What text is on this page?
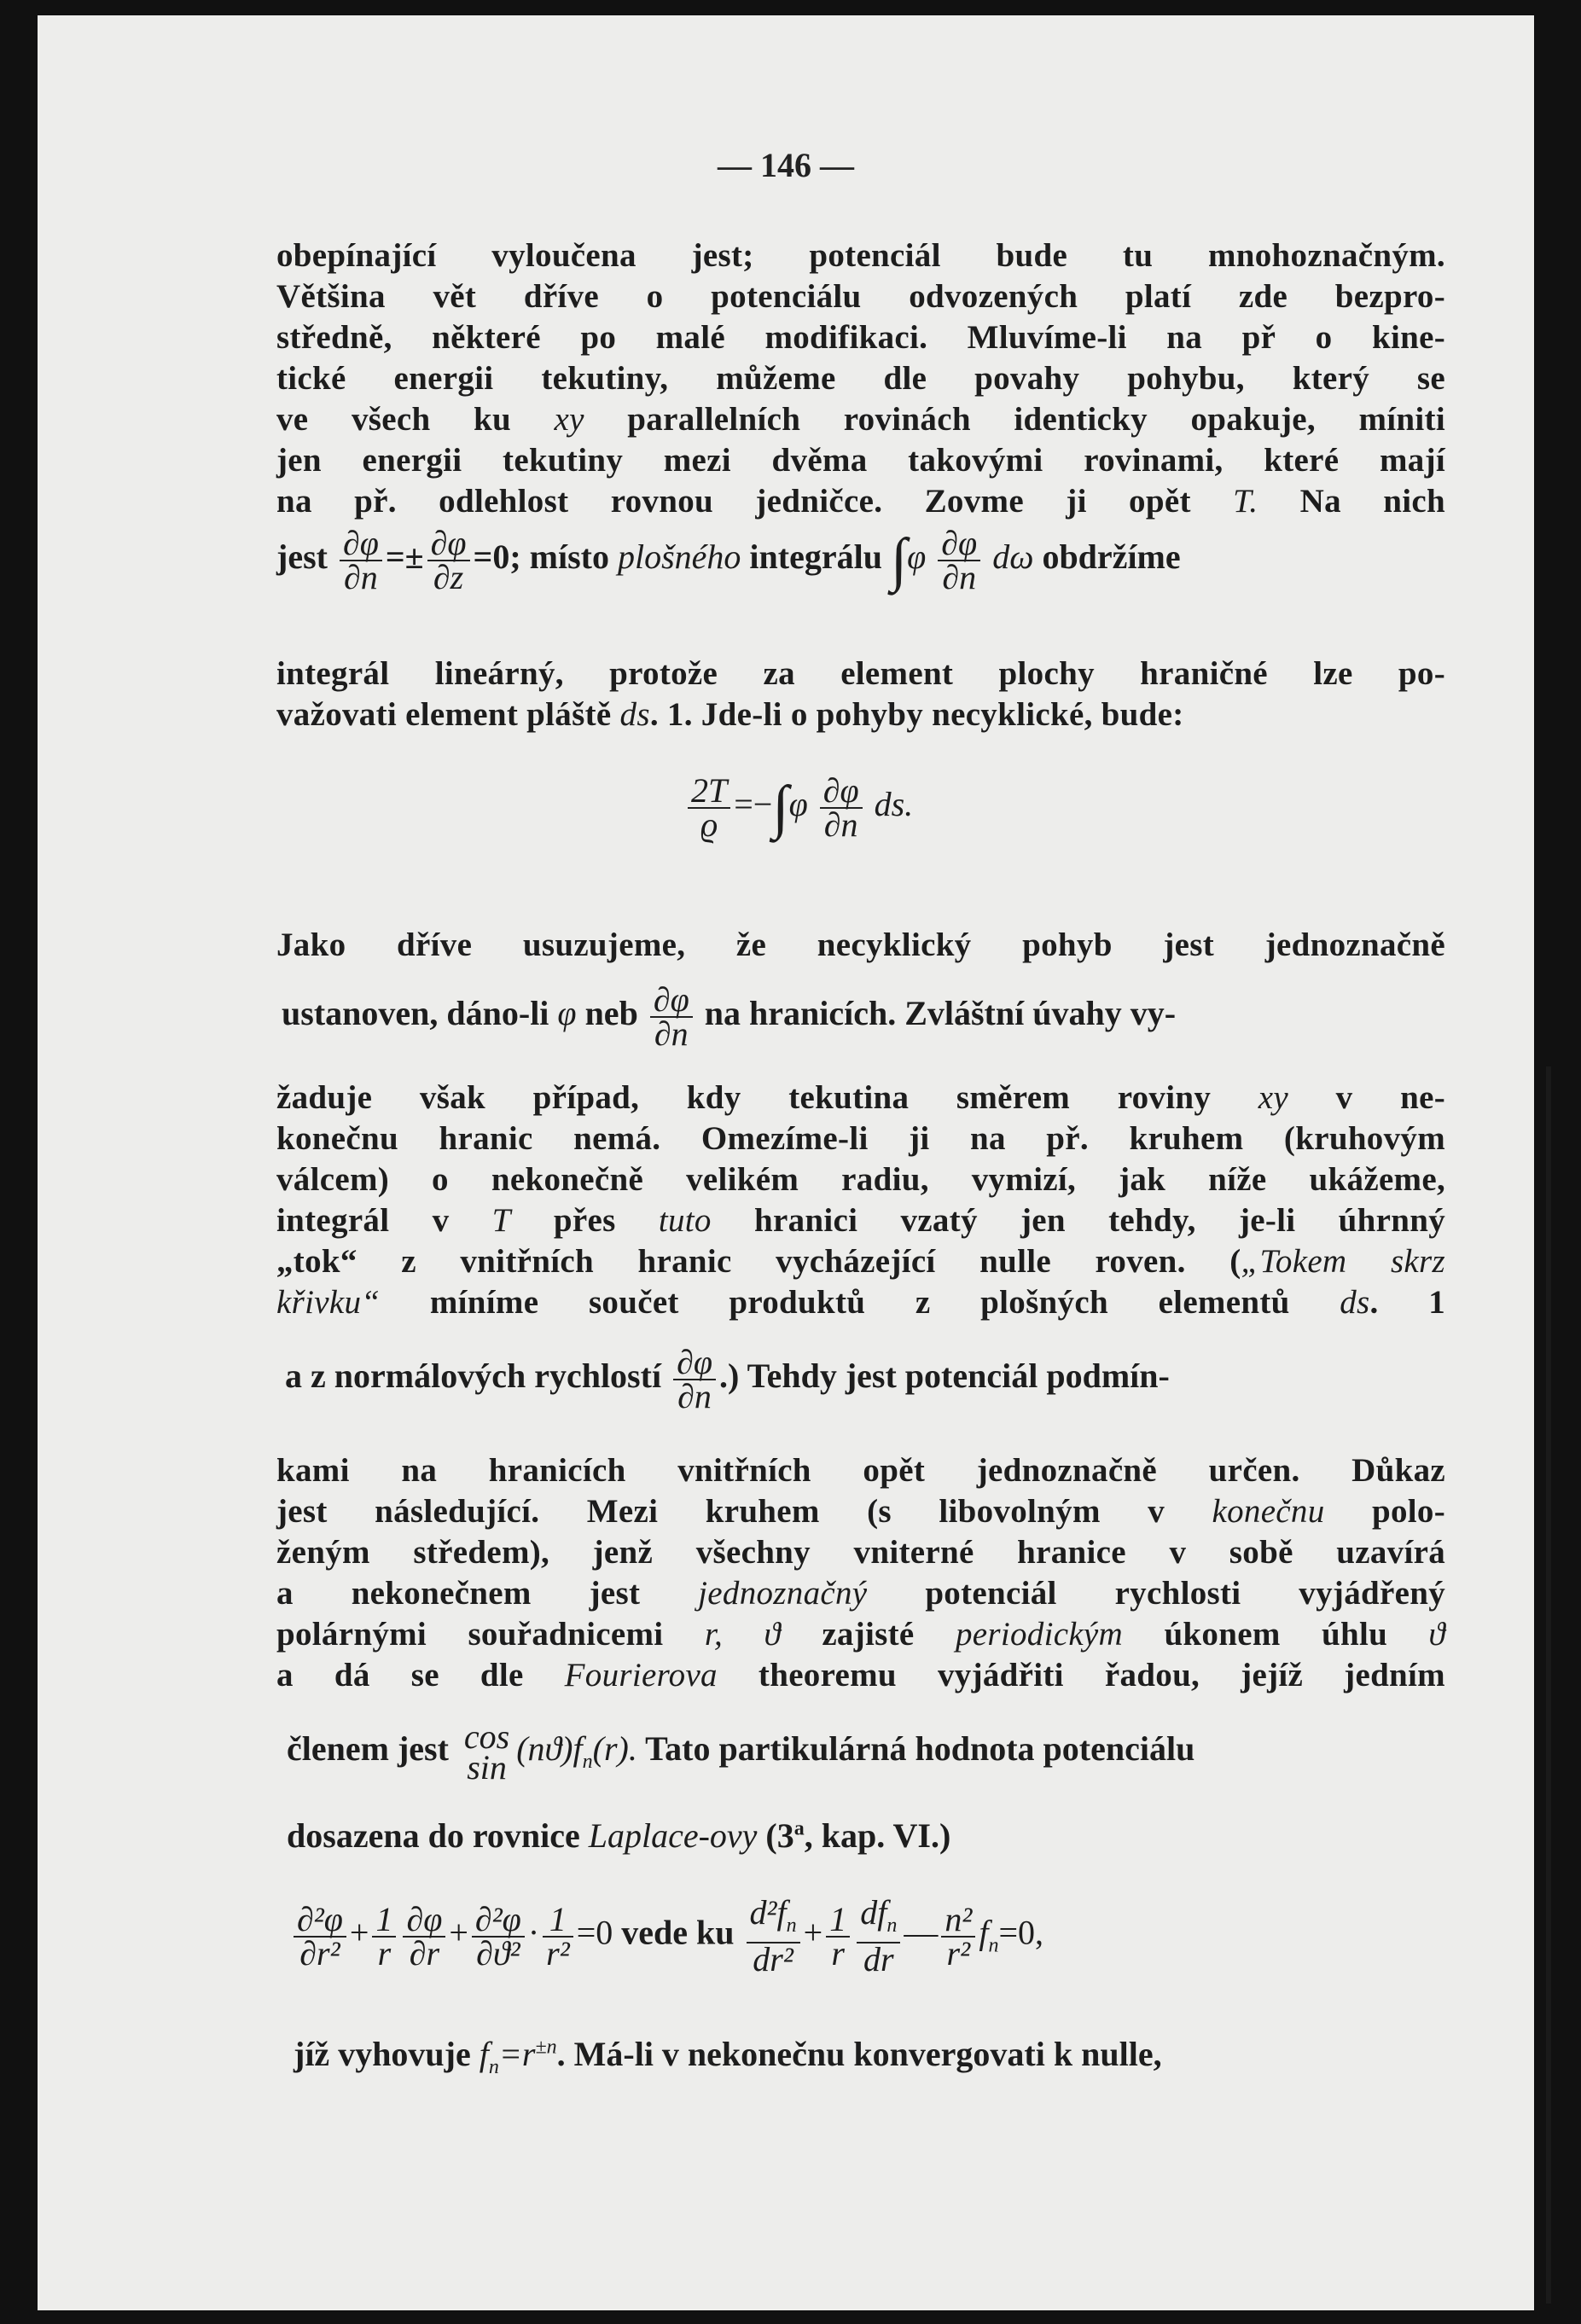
— 146 —
obepínající vyloučena jest; potenciál bude tu mnohoznačným.
Většina vět dříve o potenciálu odvozených platí zde bezpro-
středně, některé po malé modifikaci. Mluvíme-li na př o kine-
tické energii tekutiny, můžeme dle povahy pohybu, který se
ve všech ku xy parallelních rovinách identicky opakuje, míniti
jen energii tekutiny mezi dvěma takovými rovinami, které mají
na př. odlehlost rovnou jedničce. Zovme ji opět T. Na nich
jest $\frac{\partial\varphi}{\partial n} =\pm \frac{\partial\varphi}{\partial z} =0$; místo plošného integrálu $\int\varphi \frac{\partial\varphi}{\partial n}$ dω obdržíme
integrál lineárný, protože za element plochy hraničné lze po-
važovati element pláště ds. 1. Jde-li o pohyby necyklické, bude:
$\frac{2T}{ϱ} =-\int\varphi \frac{\partial\varphi}{\partial n}$ ds.
Jako dříve usuzujeme, že necyklický pohyb jest jednoznačně
ustanoven, dáno-li φ neb $\frac{\partial\varphi}{\partial n}$ na hranicích. Zvláštní úvahy vy-
žaduje však případ, kdy tekutina směrem roviny xy v ne-
konečnu hranic nemá. Omezíme-li ji na př. kruhem (kruhovým
válcem) o nekonečně velikém radiu, vymizí, jak níže ukážeme,
integrál v T přes tuto hranici vzatý jen tehdy, je-li úhrnný
„tok“ z vnitřních hranic vycházející nulle roven. („Tokem skrz
křivku“ míníme součet produktů z plošných elementů ds. 1
a z normálových rychlostí $\frac{\partial\varphi}{\partial n}$ .) Tehdy jest potenciál podmín-
kami na hranicích vnitřních opět jednoznačně určen. Důkaz
jest následující. Mezi kruhem (s libovolným v konečnu polo-
ženým středem), jenž všechny vniterné hranice v sobě uzavírá
a nekonečnem jest jednoznačný potenciál rychlosti vyjádřený
polárnými souřadnicemi r, ϑ zajisté periodickým úkonem úhlu ϑ
a dá se dle Fourierova theoremu vyjádřiti řadou, jejíž jedním
členem jest cos
$\sin (nϑ)f_n(r)$. Tato partikulárná hodnota potenciálu
dosazena do rovnice Laplace-ovy (3$^a$, kap. VI.)
$\frac{\text{∂²φ}}{\text{∂r²}} + \frac{1}{r} \frac{\partial\varphi}{\partial r} + \frac{\text{∂²φ}}{\text{∂ϑ²}} \cdot \frac{1}{\text{r²}} =0$ vede ku $\frac{d^2f_n}{\text{dr²}} + \frac{1}{r} \frac{df_n}{dr}$ — $\frac{\text{n²}}{\text{r²}} f_n=0$,
jíž vyhovuje $f_n=r^{\pm n}$. Má-li v nekonečnu konvergovati k nulle,
